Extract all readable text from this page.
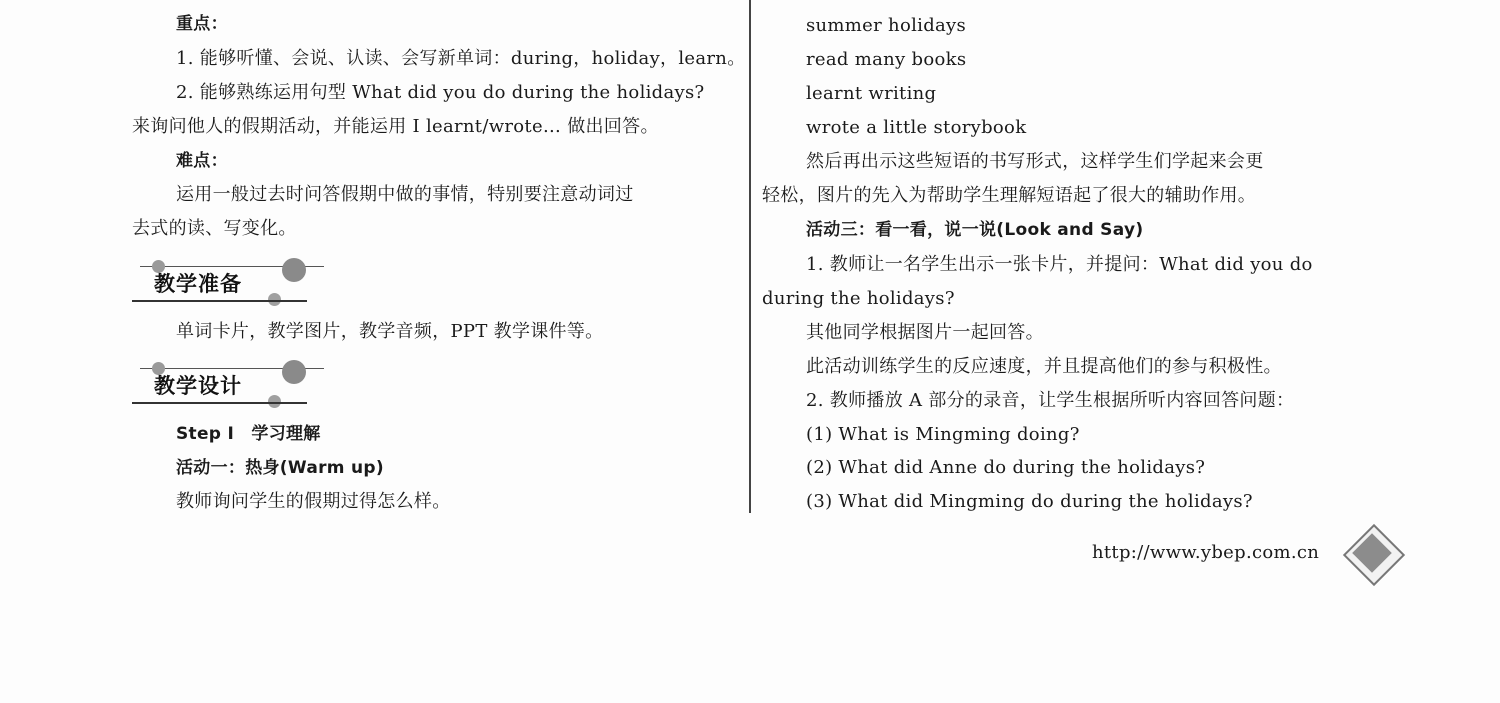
重点：
1. 能够听懂、会说、认读、会写新单词：during，holiday，learn。
2. 能够熟练运用句型 What did you do during the holidays?
来询问他人的假期活动，并能运用 I learnt/wrote… 做出回答。
难点：
运用一般过去时问答假期中做的事情，特别要注意动词过
去式的读、写变化。
教学准备
单词卡片，教学图片，教学音频，PPT 教学课件等。
教学设计
Step Ⅰ　学习理解
活动一：热身(Warm up)
教师询问学生的假期过得怎么样。
summer holidays
read many books
learnt writing
wrote a little storybook
然后再出示这些短语的书写形式，这样学生们学起来会更
轻松，图片的先入为帮助学生理解短语起了很大的辅助作用。
活动三：看一看，说一说(Look and Say)
1. 教师让一名学生出示一张卡片，并提问：What did you do
during the holidays?
其他同学根据图片一起回答。
此活动训练学生的反应速度，并且提高他们的参与积极性。
2. 教师播放 A 部分的录音，让学生根据所听内容回答问题：
(1) What is Mingming doing?
(2) What did Anne do during the holidays?
(3) What did Mingming do during the holidays?
http://www.ybep.com.cn
